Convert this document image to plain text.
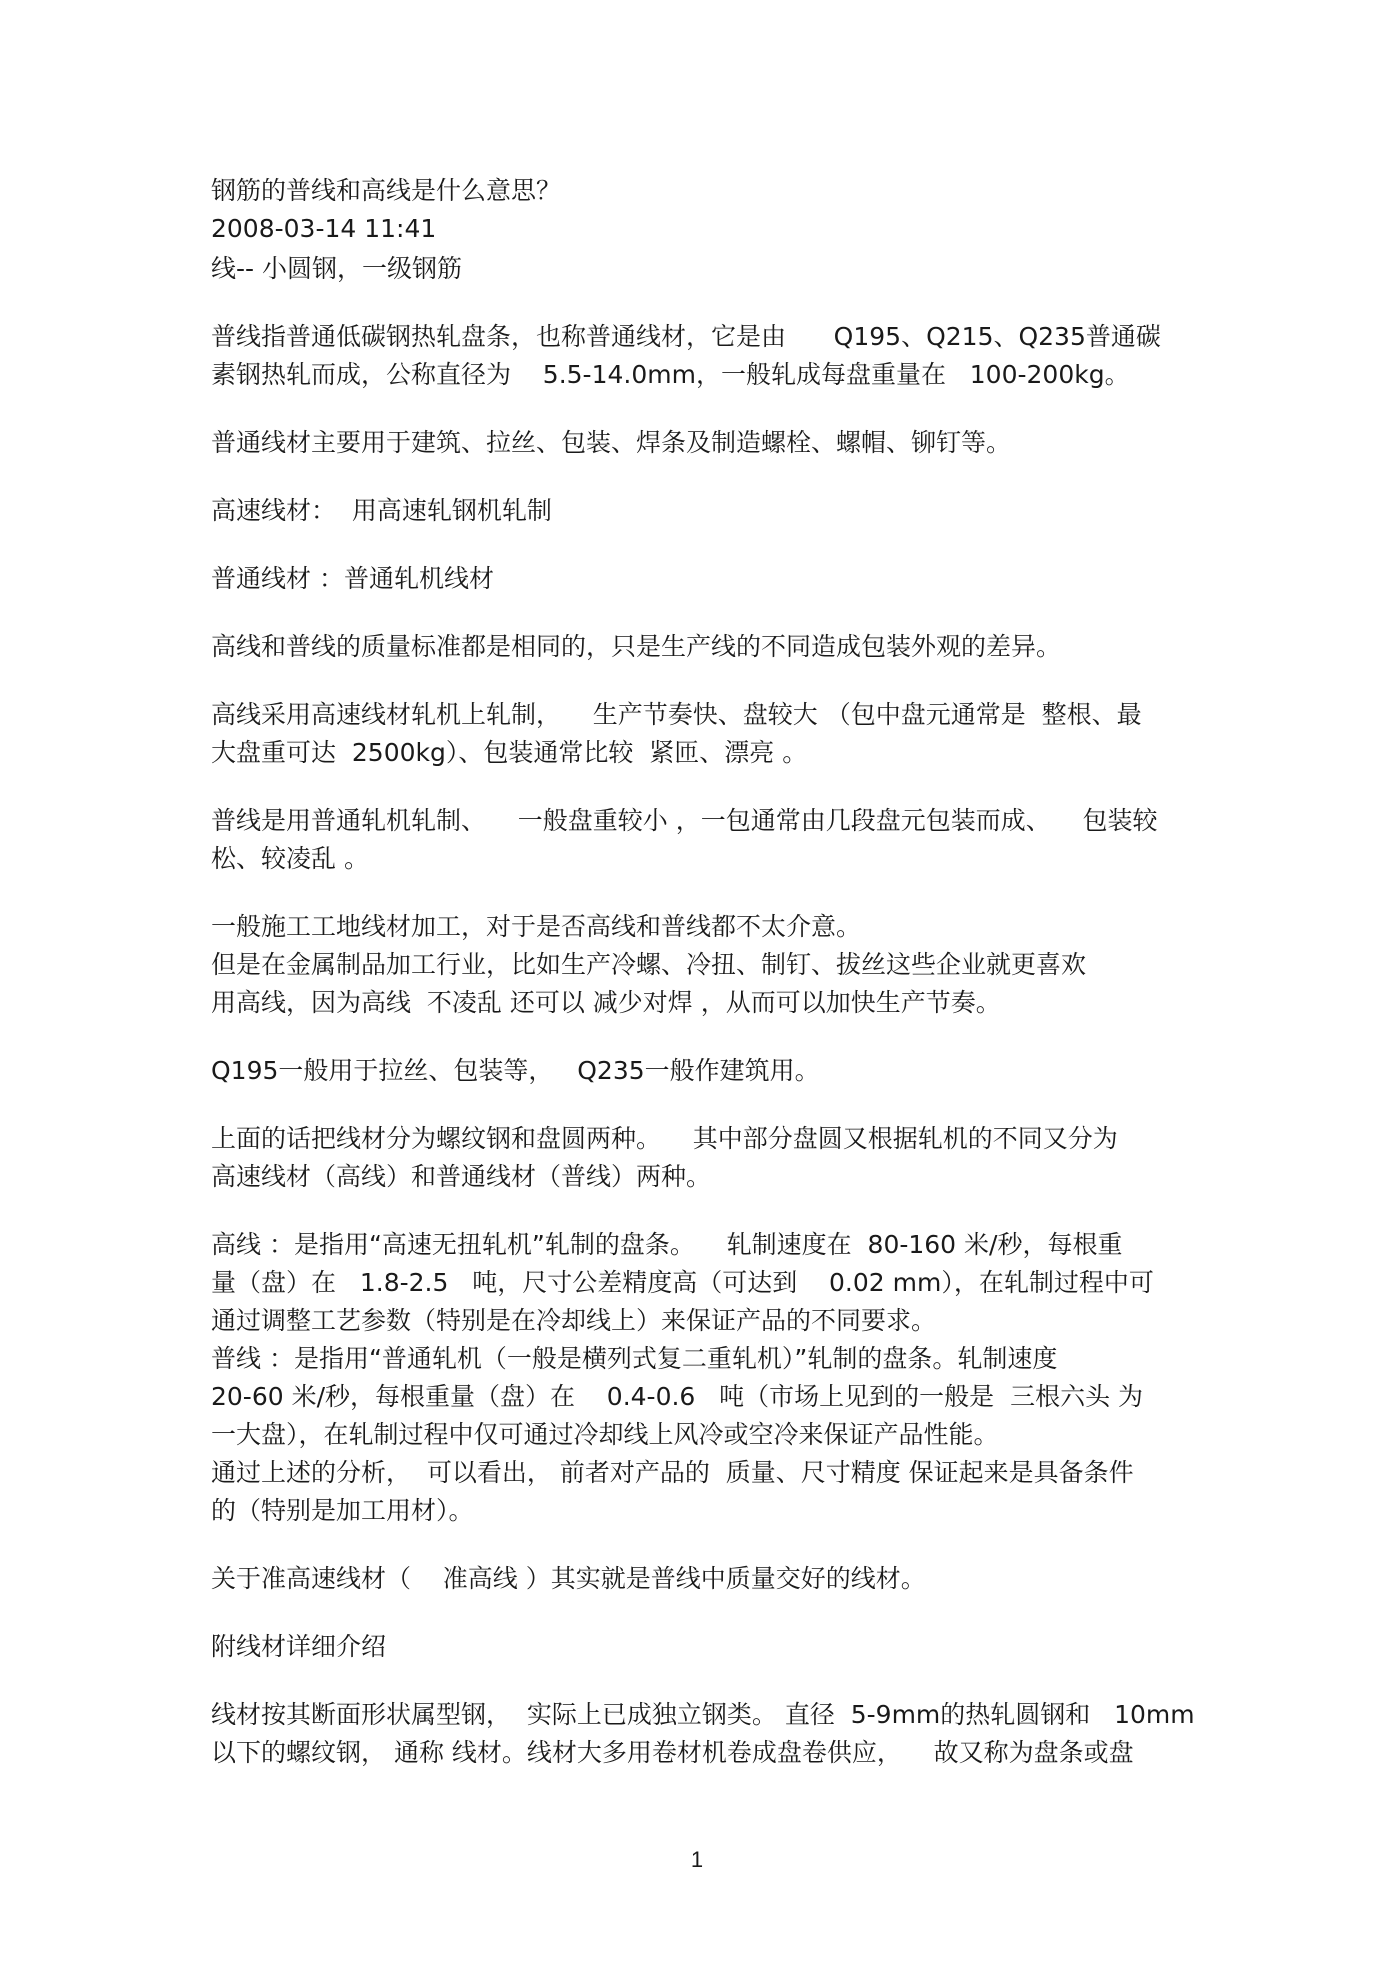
钢筋的普线和高线是什么意思？
2008-03-14 11:41
线-- 小圆钢，一级钢筋
普线指普通低碳钢热轧盘条，也称普通线材，它是由      Q195、Q215、Q235普通碳
素钢热轧而成，公称直径为    5.5-14.0mm，一般轧成每盘重量在   100-200kg。
普通线材主要用于建筑、拉丝、包装、焊条及制造螺栓、螺帽、铆钉等。
高速线材：  用高速轧钢机轧制
普通线材 ：普通轧机线材
高线和普线的质量标准都是相同的，只是生产线的不同造成包装外观的差异。
高线采用高速线材轧机上轧制，    生产节奏快、盘较大 （包中盘元通常是  整根、最
大盘重可达  2500kg）、包装通常比较  紧匝、漂亮 。
普线是用普通轧机轧制、    一般盘重较小 ，一包通常由几段盘元包装而成、    包装较
松、较凌乱 。
一般施工工地线材加工，对于是否高线和普线都不太介意。
但是在金属制品加工行业，比如生产冷螺、冷扭、制钉、拔丝这些企业就更喜欢
用高线，因为高线  不凌乱 还可以 减少对焊 ，从而可以加快生产节奏。
Q195一般用于拉丝、包装等，   Q235一般作建筑用。
上面的话把线材分为螺纹钢和盘圆两种。    其中部分盘圆又根据轧机的不同又分为
高速线材（高线）和普通线材（普线）两种。
高线 ：是指用“高速无扭轧机”轧制的盘条。    轧制速度在  80-160 米/秒，每根重
量（盘）在   1.8-2.5   吨，尺寸公差精度高（可达到    0.02 mm），在轧制过程中可
通过调整工艺参数（特别是在冷却线上）来保证产品的不同要求。
普线 ：是指用“普通轧机（一般是横列式复二重轧机）”轧制的盘条。轧制速度
20-60 米/秒，每根重量（盘）在    0.4-0.6   吨（市场上见到的一般是  三根六头 为
一大盘），在轧制过程中仅可通过冷却线上风冷或空冷来保证产品性能。
通过上述的分析，  可以看出， 前者对产品的  质量、尺寸精度 保证起来是具备条件
的（特别是加工用材）。
关于准高速线材（    准高线 ）其实就是普线中质量交好的线材。
附线材详细介绍
线材按其断面形状属型钢，  实际上已成独立钢类。 直径  5-9mm的热轧圆钢和   10mm
以下的螺纹钢， 通称 线材。线材大多用卷材机卷成盘卷供应，    故又称为盘条或盘
1
